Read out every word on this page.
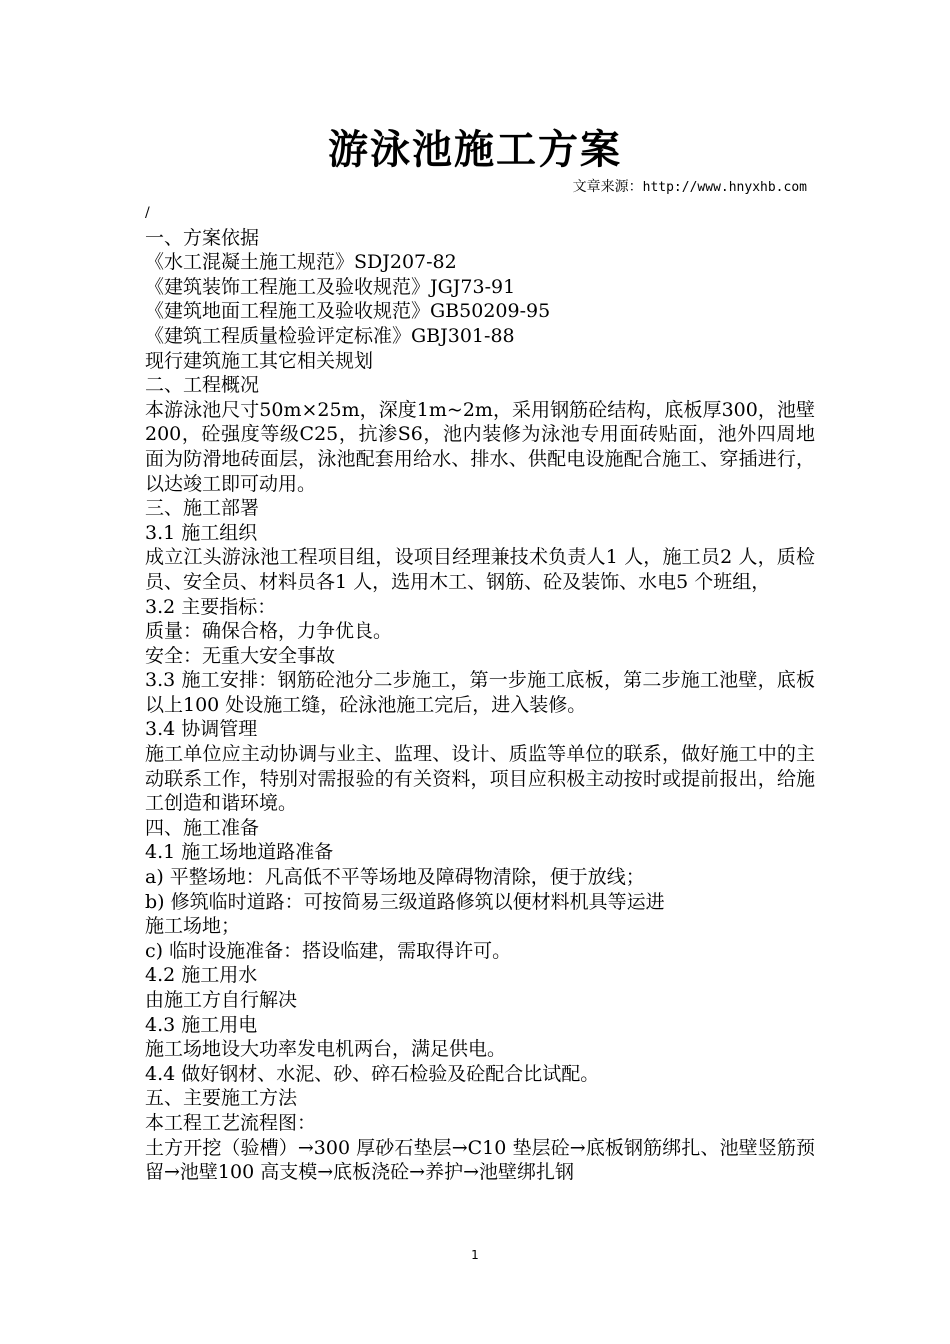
游泳池施工方案
文章来源：http://www.hnyxhb.com
/
一、方案依据
《水工混凝土施工规范》SDJ207-82
《建筑装饰工程施工及验收规范》JGJ73-91
《建筑地面工程施工及验收规范》GB50209-95
《建筑工程质量检验评定标准》GBJ301-88
现行建筑施工其它相关规划
二、工程概况
本游泳池尺寸50m×25m，深度1m~2m，采用钢筋砼结构，底板厚300，池壁200，砼强度等级C25，抗渗S6，池内装修为泳池专用面砖贴面，池外四周地面为防滑地砖面层，泳池配套用给水、排水、供配电设施配合施工、穿插进行，以达竣工即可动用。
三、施工部署
3.1 施工组织
成立江头游泳池工程项目组，设项目经理兼技术负责人1 人，施工员2 人，质检员、安全员、材料员各1 人，选用木工、钢筋、砼及装饰、水电5 个班组，
3.2 主要指标：
质量：确保合格，力争优良。
安全：无重大安全事故
3.3 施工安排：钢筋砼池分二步施工，第一步施工底板，第二步施工池壁，底板以上100 处设施工缝，砼泳池施工完后，进入装修。
3.4 协调管理
施工单位应主动协调与业主、监理、设计、质监等单位的联系，做好施工中的主动联系工作，特别对需报验的有关资料，项目应积极主动按时或提前报出，给施工创造和谐环境。
四、施工准备
4.1 施工场地道路准备
a) 平整场地：凡高低不平等场地及障碍物清除，便于放线；
b) 修筑临时道路：可按简易三级道路修筑以便材料机具等运进
施工场地；
c) 临时设施准备：搭设临建，需取得许可。
4.2 施工用水
由施工方自行解决
4.3 施工用电
施工场地设大功率发电机两台，满足供电。
4.4 做好钢材、水泥、砂、碎石检验及砼配合比试配。
五、主要施工方法
本工程工艺流程图：
土方开挖（验槽）→300 厚砂石垫层→C10 垫层砼→底板钢筋绑扎、池壁竖筋预留→池壁100 高支模→底板浇砼→养护→池壁绑扎钢
1
